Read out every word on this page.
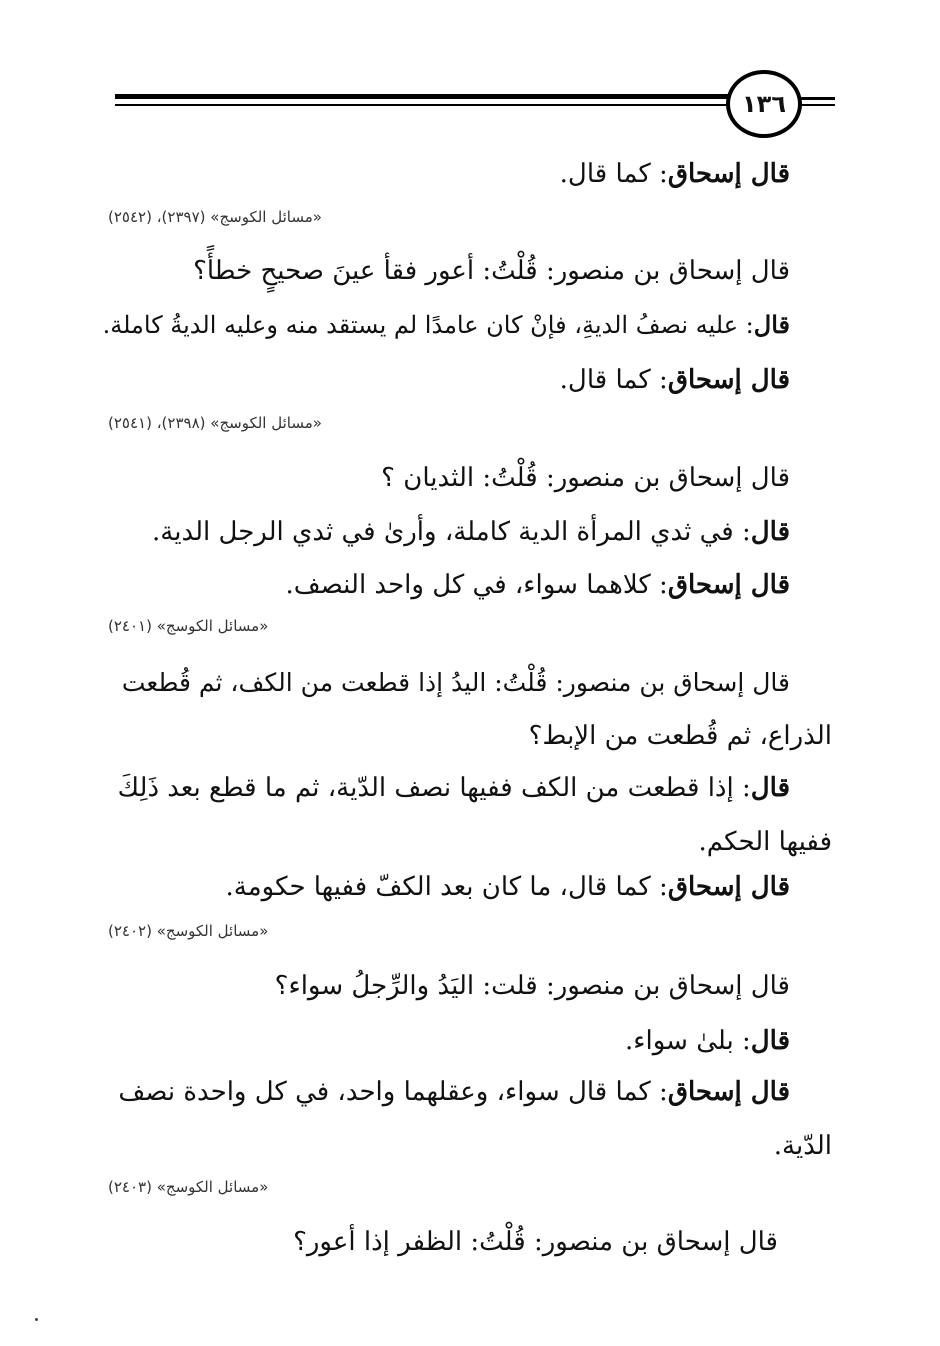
١٣٦
قال إسحاق: كما قال.
«مسائل الكوسج» (٢٣٩٧)، (٢٥٤٢)
قال إسحاق بن منصور: قُلْتُ: أعور فقأ عينَ صحيحٍ خطأً؟
قال: عليه نصفُ الديةِ، فإنْ كان عامدًا لم يستقد منه وعليه الديةُ كاملة.
قال إسحاق: كما قال.
«مسائل الكوسج» (٢٣٩٨)، (٢٥٤١)
قال إسحاق بن منصور: قُلْتُ: الثديان ؟
قال: في ثدي المرأة الدية كاملة، وأرىٰ في ثدي الرجل الدية.
قال إسحاق: كلاهما سواء، في كل واحد النصف.
«مسائل الكوسج» (٢٤٠١)
قال إسحاق بن منصور: قُلْتُ: اليدُ إذا قطعت من الكف، ثم قُطعت
الذراع، ثم قُطعت من الإبط؟
قال: إذا قطعت من الكف ففيها نصف الدّية، ثم ما قطع بعد ذَلِكَ
ففيها الحكم.
قال إسحاق: كما قال، ما كان بعد الكفّ ففيها حكومة.
«مسائل الكوسج» (٢٤٠٢)
قال إسحاق بن منصور: قلت: اليَدُ والرِّجلُ سواء؟
قال: بلىٰ سواء.
قال إسحاق: كما قال سواء، وعقلهما واحد، في كل واحدة نصف
الدّية.
«مسائل الكوسج» (٢٤٠٣)
قال إسحاق بن منصور: قُلْتُ: الظفر إذا أعور؟
